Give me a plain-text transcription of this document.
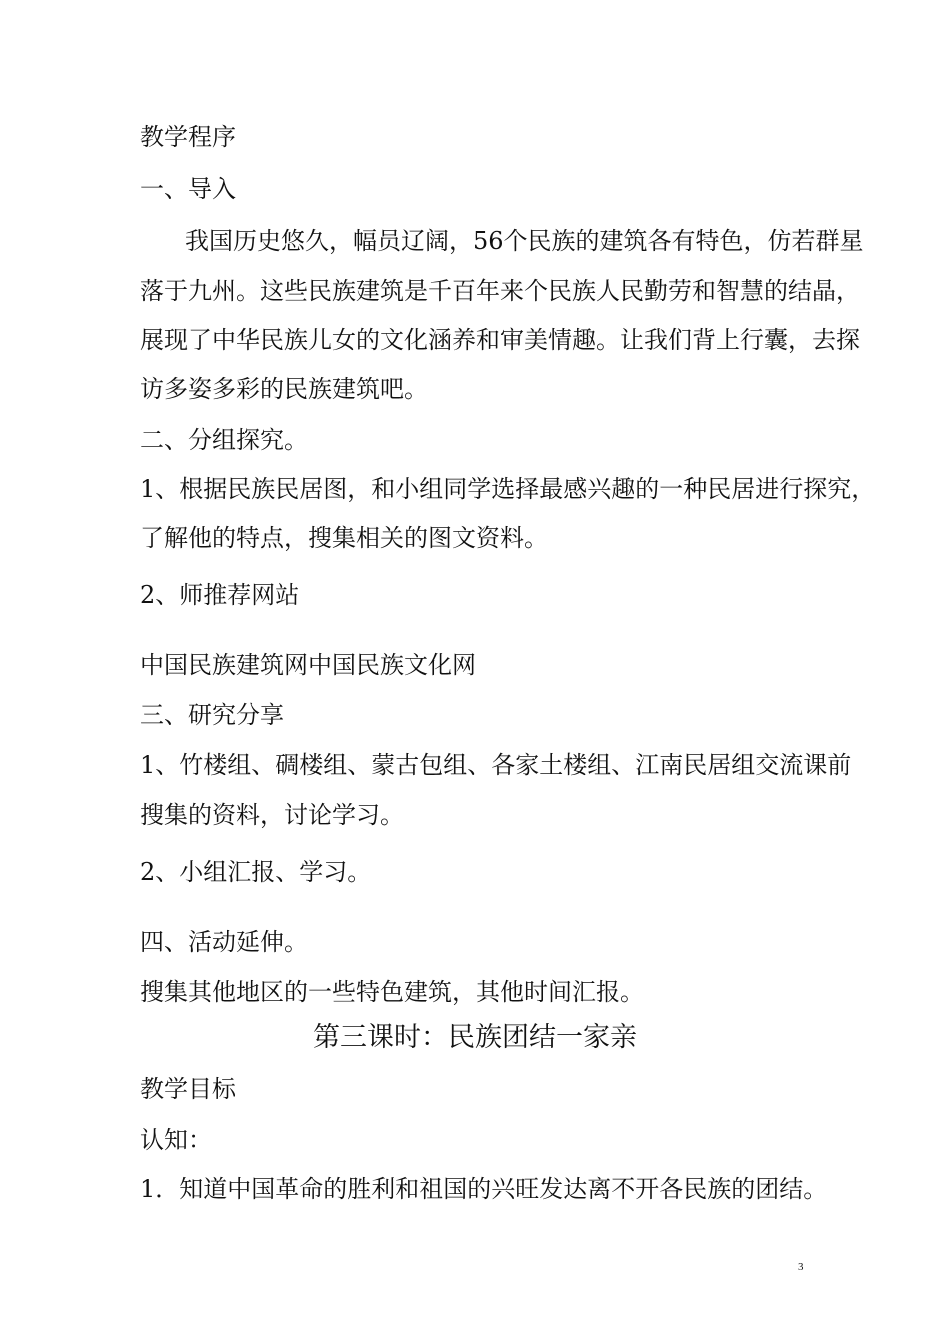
教学程序

一、导入

我国历史悠久，幅员辽阔，56个民族的建筑各有特色，仿若群星

落于九州。这些民族建筑是千百年来个民族人民勤劳和智慧的结晶，

展现了中华民族儿女的文化涵养和审美情趣。让我们背上行囊，去探

访多姿多彩的民族建筑吧。

二、分组探究。

1、根据民族民居图，和小组同学选择最感兴趣的一种民居进行探究，

了解他的特点，搜集相关的图文资料。

2、师推荐网站

中国民族建筑网中国民族文化网

三、研究分享

1、竹楼组、碉楼组、蒙古包组、各家土楼组、江南民居组交流课前

搜集的资料，讨论学习。

2、小组汇报、学习。

四、活动延伸。

搜集其他地区的一些特色建筑，其他时间汇报。

第三课时：民族团结一家亲

教学目标

认知：

1．知道中国革命的胜利和祖国的兴旺发达离不开各民族的团结。

3
